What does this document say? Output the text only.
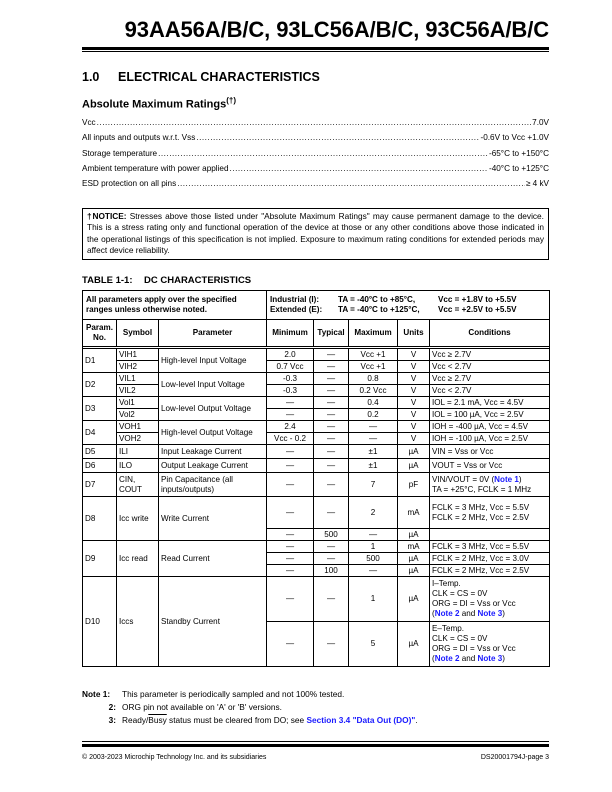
93AA56A/B/C, 93LC56A/B/C, 93C56A/B/C
1.0 ELECTRICAL CHARACTERISTICS
Absolute Maximum Ratings(†)
Vcc .....	7.0V
All inputs and outputs w.r.t. Vss .....	-0.6V to Vcc +1.0V
Storage temperature .....	-65°C to +150°C
Ambient temperature with power applied .....	-40°C to +125°C
ESD protection on all pins .....	≥ 4 kV
†NOTICE: Stresses above those listed under "Absolute Maximum Ratings" may cause permanent damage to the device. This is a stress rating only and functional operation of the device at those or any other conditions above those indicated in the operational listings of this specification is not implied. Exposure to maximum rating conditions for extended periods may affect device reliability.
TABLE 1-1: DC CHARACTERISTICS
All parameters apply over the specified ranges unless otherwise noted.	
Industrial (I):	TA = -40°C to +85°C,	Vcc = +1.8V to +5.5V
Extended (E):	TA = -40°C to +125°C,	Vcc = +2.5V to +5.5V

Param. No.	Symbol	Parameter	Minimum	Typical	Maximum	Units	Conditions

D1	VIH1	High-level Input Voltage	2.0	—	Vcc +1	V	Vcc ≥ 2.7V
	VIH2		0.7 Vcc	—	Vcc +1	V	Vcc < 2.7V
D2	VIL1	Low-level Input Voltage	-0.3	—	0.8	V	Vcc ≥ 2.7V
	VIL2		-0.3	—	0.2 Vcc	V	Vcc < 2.7V
D3	Vol1	Low-level Output Voltage	—	—	0.4	V	IOL = 2.1 mA, Vcc = 4.5V
	Vol2		—	—	0.2	V	IOL = 100 µA, Vcc = 2.5V
D4	VOH1	High-level Output Voltage	2.4	—	—	V	IOH = -400 µA, Vcc = 4.5V
	VOH2		Vcc - 0.2	—	—	V	IOH = -100 µA, Vcc = 2.5V
D5	ILI	Input Leakage Current	—	—	±1	µA	VIN = Vss or Vcc
D6	ILO	Output Leakage Current	—	—	±1	µA	VOUT = Vss or Vcc
D7	CIN, COUT	Pin Capacitance (all inputs/outputs)	—	—	7	pF	VIN/VOUT = 0V (Note 1)
TA = +25°C, FCLK = 1 MHz

D8	Icc write	Write Current	—	—	2	mA	FCLK = 3 MHz, Vcc = 5.5V
FCLK = 2 MHz, Vcc = 2.5V

			—	500	—	µA	
D9	Icc read	Read Current	—	—	1	mA	FCLK = 3 MHz, Vcc = 5.5V
			—	—	500	µA	FCLK = 2 MHz, Vcc = 3.0V
			—	100	—	µA	FCLK = 2 MHz, Vcc = 2.5V
D10	Iccs	Standby Current	—	—	1	µA	I–Temp.
CLK = CS = 0V
ORG = DI = Vss or Vcc
(Note 2 and Note 3)

			—	—	5	µA	E–Temp.
CLK = CS = 0V
ORG = DI = Vss or Vcc
(Note 2 and Note 3)
Note 1:	This parameter is periodically sampled and not 100% tested.
2: ORG pin not available on 'A' or 'B' versions.
3: Ready/Busy status must be cleared from DO; see Section 3.4 "Data Out (DO)".
© 2003-2023 Microchip Technology Inc. and its subsidiaries	DS20001794J-page 3
